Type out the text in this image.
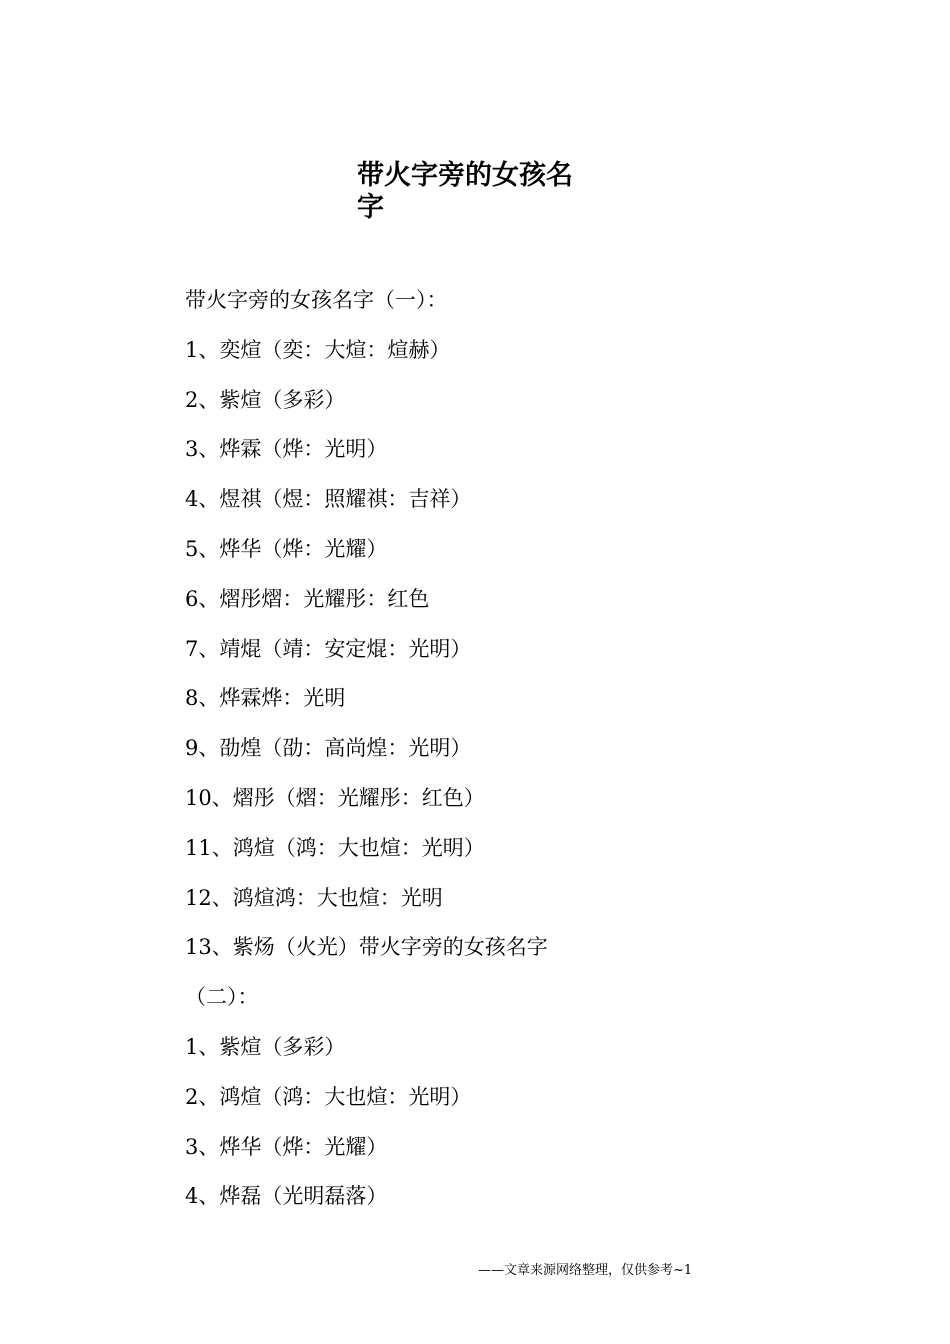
带火字旁的女孩名字
带火字旁的女孩名字（一）：
1、奕煊（奕：大煊：煊赫）
2、紫煊（多彩）
3、烨霖（烨：光明）
4、煜祺（煜：照耀祺：吉祥）
5、烨华（烨：光耀）
6、熠彤熠：光耀彤：红色
7、靖焜（靖：安定焜：光明）
8、烨霖烨：光明
9、劭煌（劭：高尚煌：光明）
10、熠彤（熠：光耀彤：红色）
11、鸿煊（鸿：大也煊：光明）
12、鸿煊鸿：大也煊：光明
13、紫炀（火光）带火字旁的女孩名字
（二）：
1、紫煊（多彩）
2、鸿煊（鸿：大也煊：光明）
3、烨华（烨：光耀）
4、烨磊（光明磊落）
——文章来源网络整理，仅供参考~1
